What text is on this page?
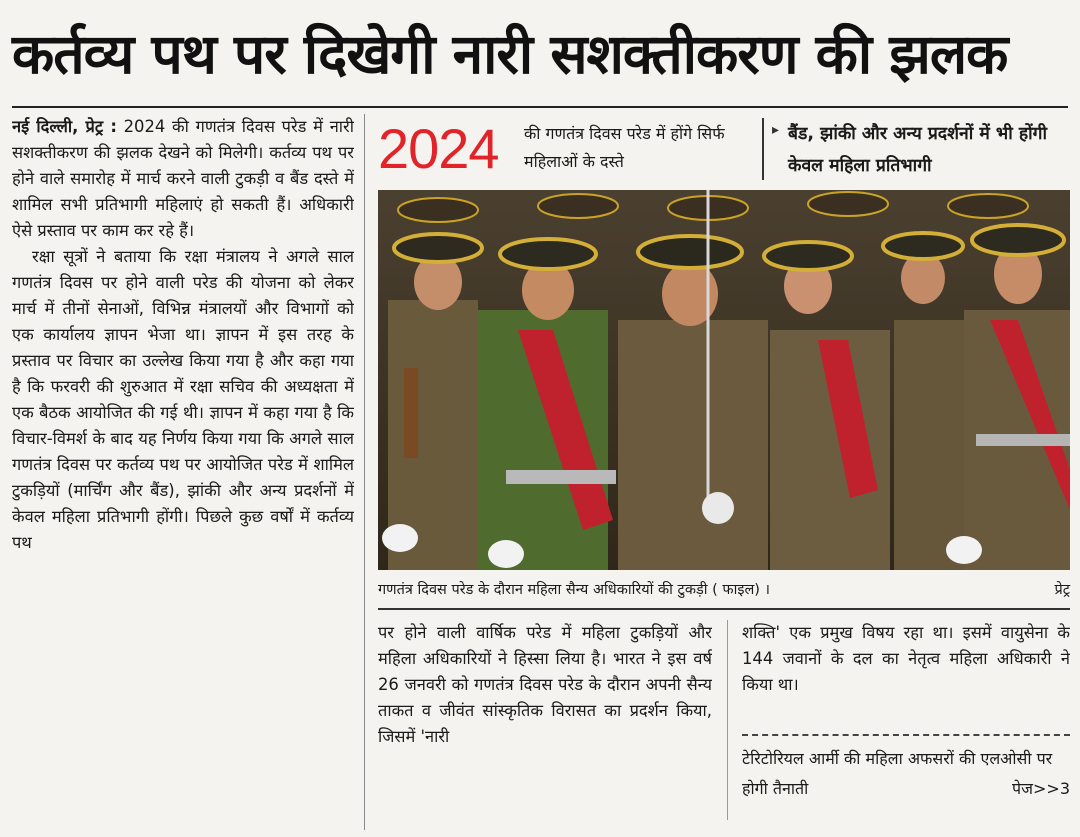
कर्तव्य पथ पर दिखेगी नारी सशक्तीकरण की झलक

नई दिल्ली, प्रेट्र : 2024 की गणतंत्र दिवस परेड में नारी सशक्तीकरण की झलक देखने को मिलेगी। कर्तव्य पथ पर होने वाले समारोह में मार्च करने वाली टुकड़ी व बैंड दस्ते में शामिल सभी प्रतिभागी महिलाएं हो सकती हैं। अधिकारी ऐसे प्रस्ताव पर काम कर रहे हैं।

रक्षा सूत्रों ने बताया कि रक्षा मंत्रालय ने अगले साल गणतंत्र दिवस पर होने वाली परेड की योजना को लेकर मार्च में तीनों सेनाओं, विभिन्न मंत्रालयों और विभागों को एक कार्यालय ज्ञापन भेजा था। ज्ञापन में इस तरह के प्रस्ताव पर विचार का उल्लेख किया गया है और कहा गया है कि फरवरी की शुरुआत में रक्षा सचिव की अध्यक्षता में एक बैठक आयोजित की गई थी। ज्ञापन में कहा गया है कि विचार-विमर्श के बाद यह निर्णय किया गया कि अगले साल गणतंत्र दिवस पर कर्तव्य पथ पर आयोजित परेड में शामिल टुकड़ियों (मार्चिंग और बैंड), झांकी और अन्य प्रदर्शनों में केवल महिला प्रतिभागी होंगी। पिछले कुछ वर्षों में कर्तव्य पथ

2024 की गणतंत्र दिवस परेड में होंगे सिर्फ महिलाओं के दस्ते
▸ बैंड, झांकी और अन्य प्रदर्शनों में भी होंगी केवल महिला प्रतिभागी
गणतंत्र दिवस परेड के दौरान महिला सैन्य अधिकारियों की टुकड़ी ( फाइल) ।	प्रेट्र
पर होने वाली वार्षिक परेड में महिला टुकड़ियों और महिला अधिकारियों ने हिस्सा लिया है। भारत ने इस वर्ष 26 जनवरी को गणतंत्र दिवस परेड के दौरान अपनी सैन्य ताकत व जीवंत सांस्कृतिक विरासत का प्रदर्शन किया, जिसमें 'नारी
शक्ति' एक प्रमुख विषय रहा था। इसमें वायुसेना के 144 जवानों के दल का नेतृत्व महिला अधिकारी ने किया था।
टेरिटोरियल आर्मी की महिला अफसरों की एलओसी पर होगी तैनाती	पेज>>3
